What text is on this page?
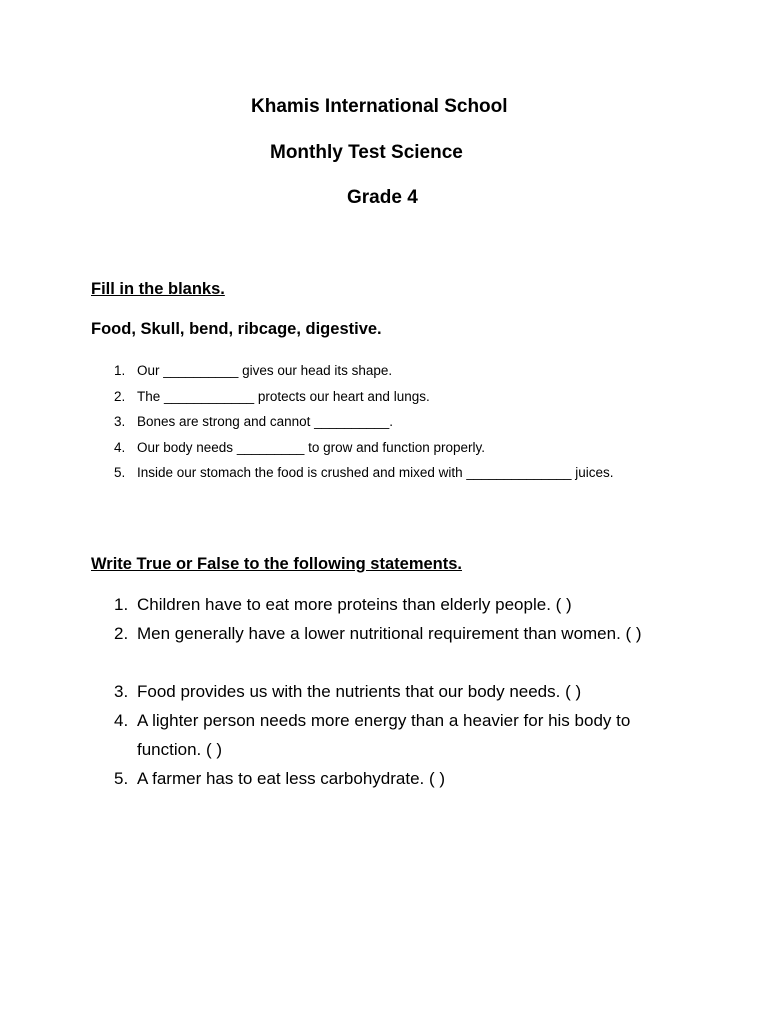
Khamis International School
Monthly Test Science
Grade 4
Fill in the blanks.
Food, Skull, bend, ribcage, digestive.
1. Our __________ gives our head its shape.
2. The ____________ protects our heart and lungs.
3. Bones are strong and cannot __________.
4. Our body needs _________ to grow and function properly.
5. Inside our stomach the food is crushed and mixed with ______________ juices.
Write True or False to the following statements.
1. Children have to eat more proteins than elderly people. ( )
2. Men generally have a lower nutritional requirement than women. ( )
3. Food provides us with the nutrients that our body needs. ( )
4. A lighter person needs more energy than a heavier for his body to function. ( )
5. A farmer has to eat less carbohydrate. ( )
